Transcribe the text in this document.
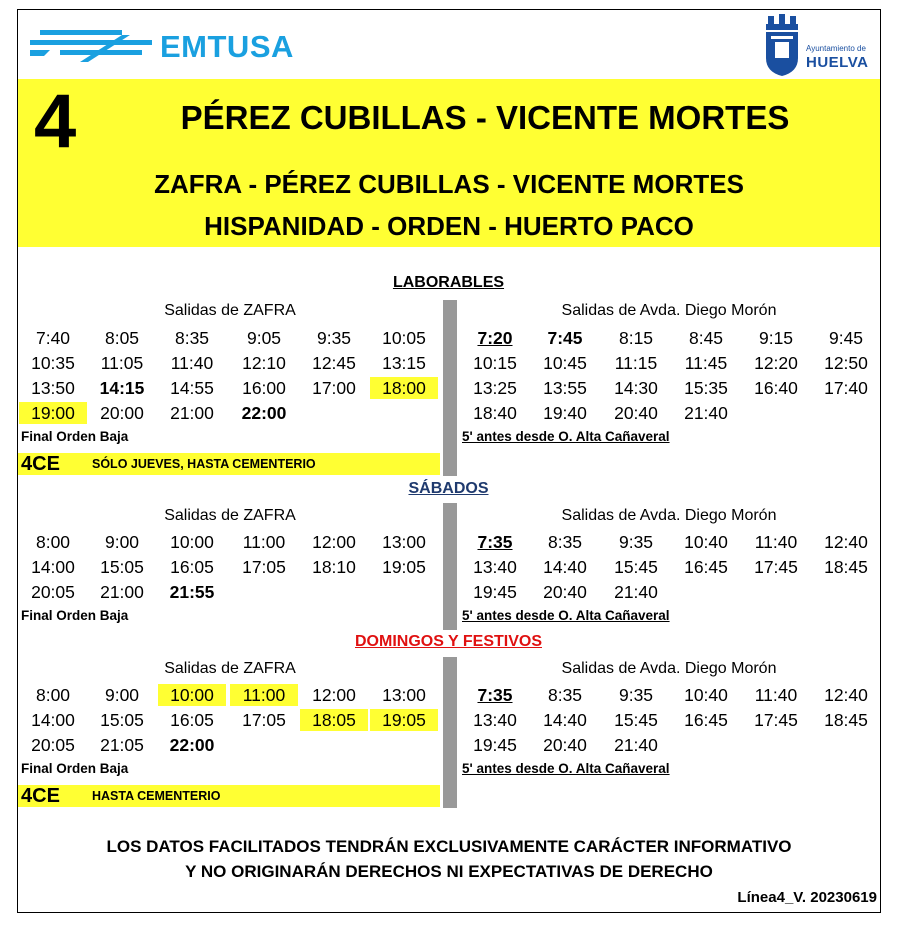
EMTUSA	Ayuntamiento de
HUELVA
4	PÉREZ CUBILLAS - VICENTE MORTES
ZAFRA - PÉREZ CUBILLAS - VICENTE MORTES
HISPANIDAD - ORDEN - HUERTO PACO
LABORABLES
Salidas de ZAFRA	Salidas de Avda. Diego Morón
7:40	8:05	8:35	9:05	9:35	10:05
10:35	11:05	11:40	12:10	12:45	13:15
13:50	14:15	14:55	16:00	17:00	18:00
19:00	20:00	21:00	22:00
7:20	7:45	8:15	8:45	9:15	9:45
10:15	10:45	11:15	11:45	12:20	12:50
13:25	13:55	14:30	15:35	16:40	17:40
18:40	19:40	20:40	21:40
Final Orden Baja	5' antes desde O. Alta Cañaveral
4CE	SÓLO JUEVES, HASTA CEMENTERIO
SÁBADOS
Salidas de ZAFRA	Salidas de Avda. Diego Morón
8:00	9:00	10:00	11:00	12:00	13:00
14:00	15:05	16:05	17:05	18:10	19:05
20:05	21:00	21:55
7:35	8:35	9:35	10:40	11:40	12:40
13:40	14:40	15:45	16:45	17:45	18:45
19:45	20:40	21:40
Final Orden Baja	5' antes desde O. Alta Cañaveral
DOMINGOS Y FESTIVOS
Salidas de ZAFRA	Salidas de Avda. Diego Morón
8:00	9:00	10:00	11:00	12:00	13:00
14:00	15:05	16:05	17:05	18:05	19:05
20:05	21:05	22:00
7:35	8:35	9:35	10:40	11:40	12:40
13:40	14:40	15:45	16:45	17:45	18:45
19:45	20:40	21:40
Final Orden Baja	5' antes desde O. Alta Cañaveral
4CE	HASTA CEMENTERIO
LOS DATOS FACILITADOS TENDRÁN EXCLUSIVAMENTE CARÁCTER INFORMATIVO
Y NO ORIGINARÁN DERECHOS NI EXPECTATIVAS DE DERECHO
Línea4_V. 20230619
